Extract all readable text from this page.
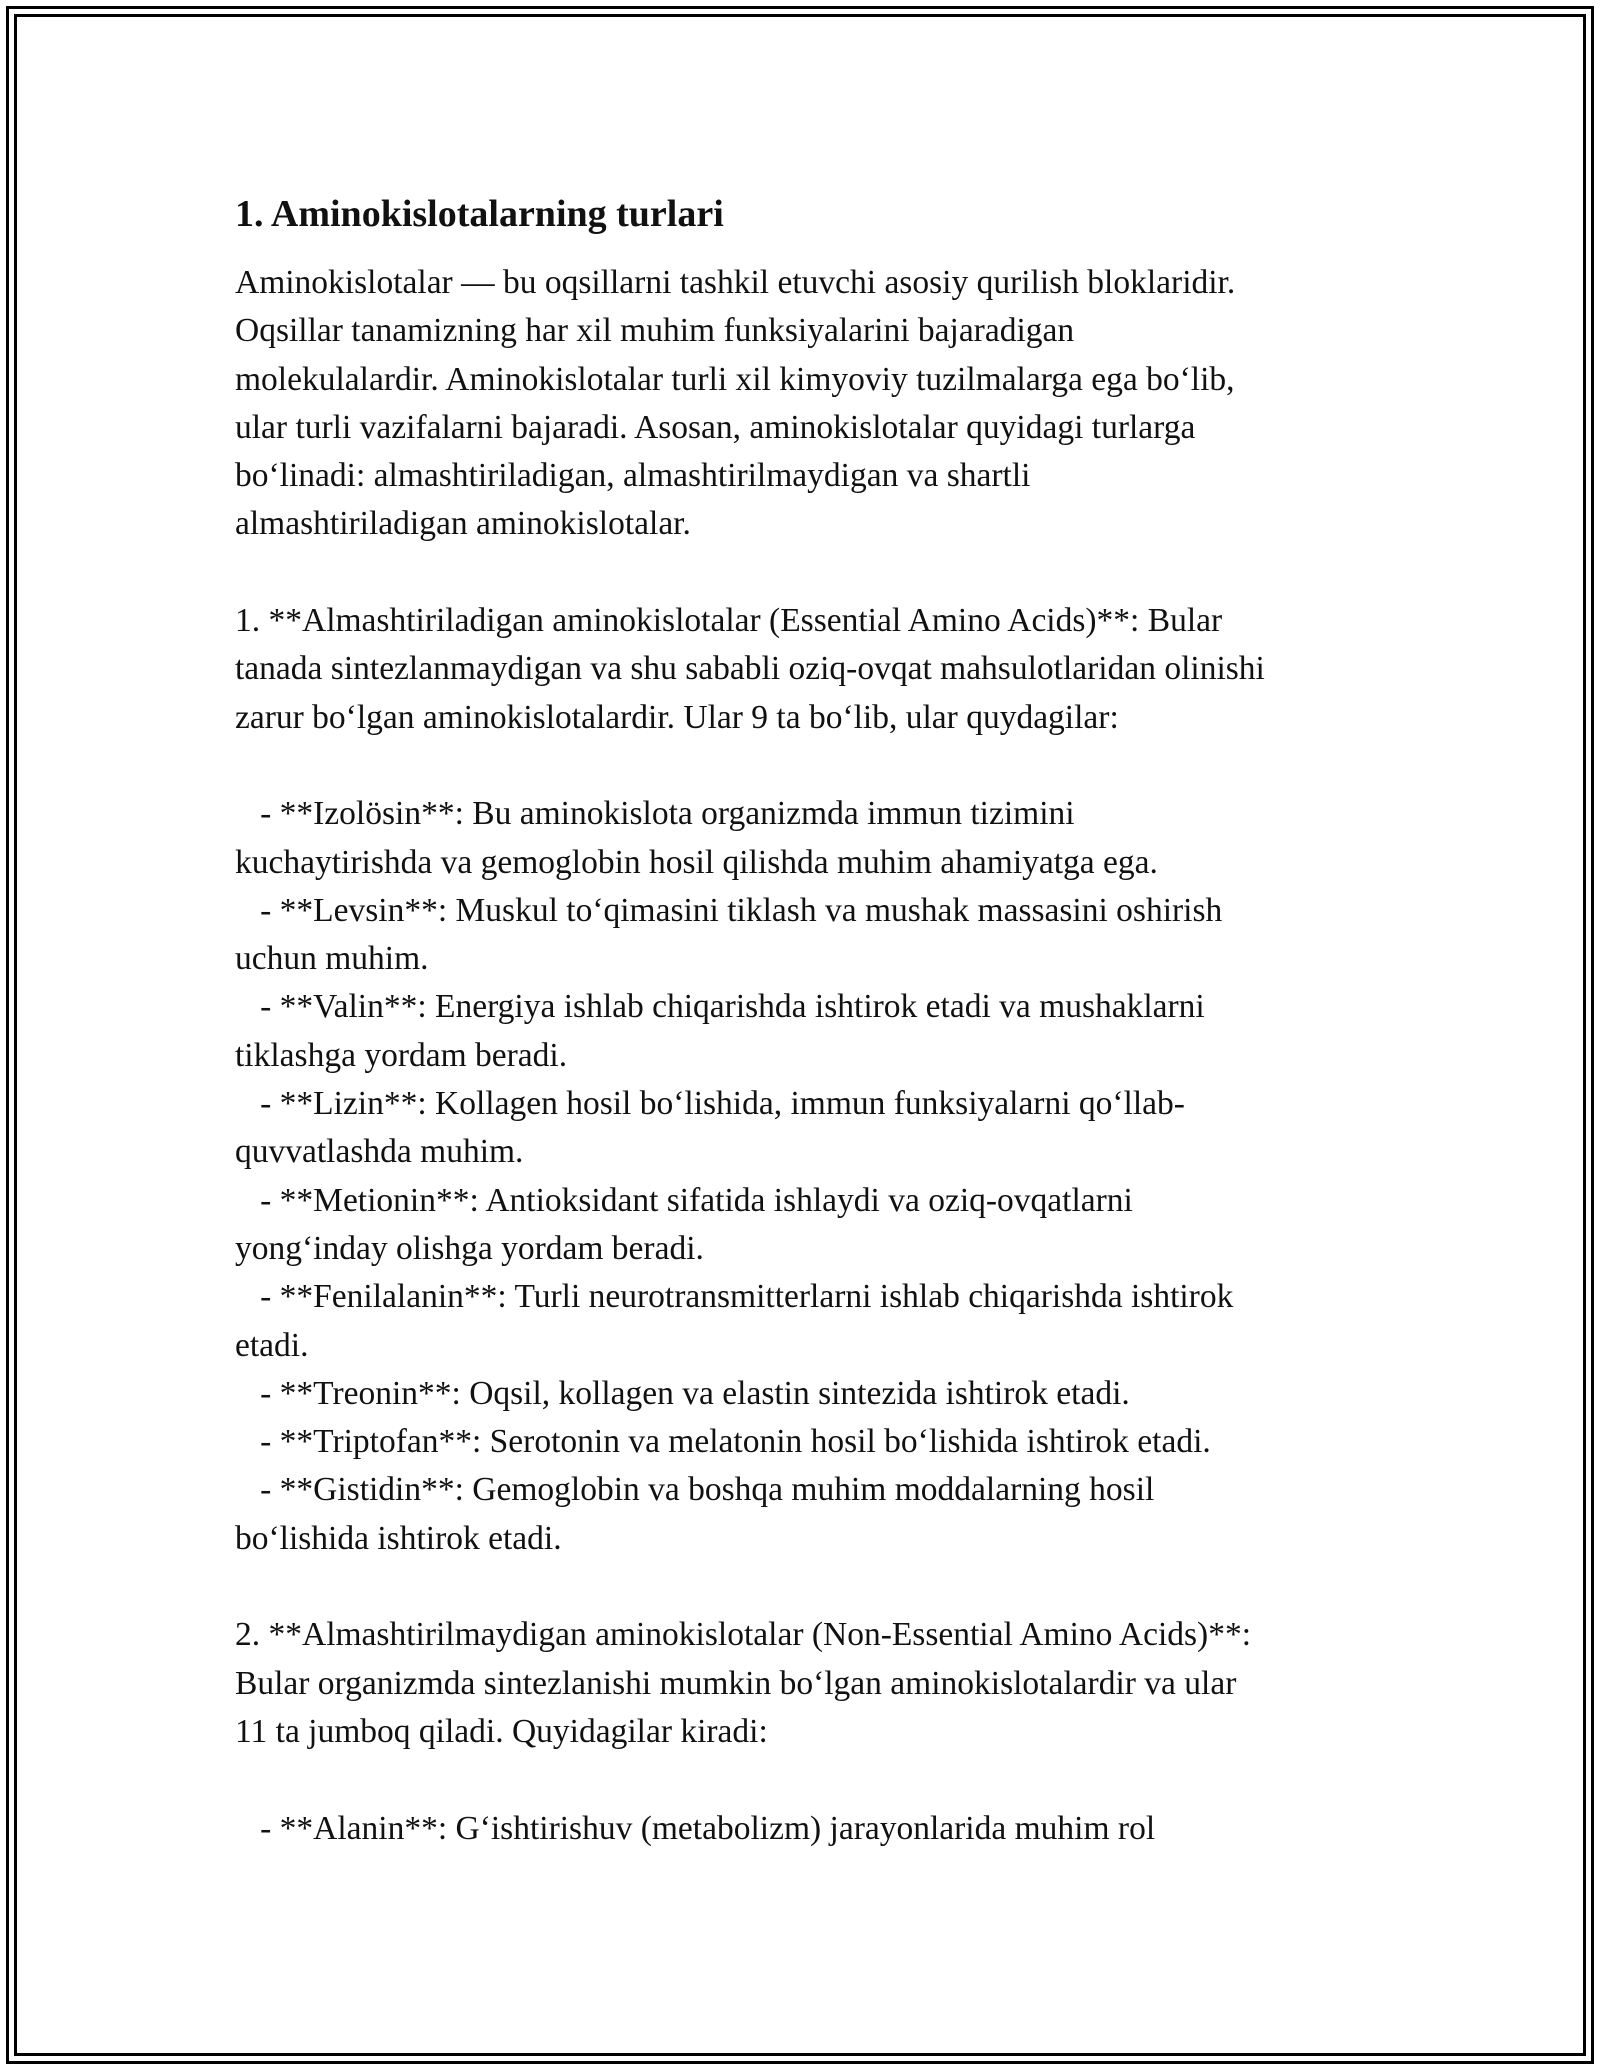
1. Aminokislotalarning turlari

Aminokislotalar — bu oqsillarni tashkil etuvchi asosiy qurilish bloklaridir.
Oqsillar tanamizning har xil muhim funksiyalarini bajaradigan
molekulalardir. Aminokislotalar turli xil kimyoviy tuzilmalarga ega bo‘lib,
ular turli vazifalarni bajaradi. Asosan, aminokislotalar quyidagi turlarga
bo‘linadi: almashtiriladigan, almashtirilmaydigan va shartli
almashtiriladigan aminokislotalar.

1. **Almashtiriladigan aminokislotalar (Essential Amino Acids)**: Bular
tanada sintezlanmaydigan va shu sababli oziq-ovqat mahsulotlaridan olinishi
zarur bo‘lgan aminokislotalardir. Ular 9 ta bo‘lib, ular quydagilar:

- **Izolösin**: Bu aminokislota organizmda immun tizimini
kuchaytirishda va gemoglobin hosil qilishda muhim ahamiyatga ega.

- **Levsin**: Muskul to‘qimasini tiklash va mushak massasini oshirish
uchun muhim.

- **Valin**: Energiya ishlab chiqarishda ishtirok etadi va mushaklarni
tiklashga yordam beradi.

- **Lizin**: Kollagen hosil bo‘lishida, immun funksiyalarni qo‘llab-
quvvatlashda muhim.

- **Metionin**: Antioksidant sifatida ishlaydi va oziq-ovqatlarni
yong‘inday olishga yordam beradi.

- **Fenilalanin**: Turli neurotransmitterlarni ishlab chiqarishda ishtirok
etadi.

- **Treonin**: Oqsil, kollagen va elastin sintezida ishtirok etadi.

- **Triptofan**: Serotonin va melatonin hosil bo‘lishida ishtirok etadi.

- **Gistidin**: Gemoglobin va boshqa muhim moddalarning hosil
bo‘lishida ishtirok etadi.

2. **Almashtirilmaydigan aminokislotalar (Non-Essential Amino Acids)**:
Bular organizmda sintezlanishi mumkin bo‘lgan aminokislotalardir va ular
11 ta jumboq qiladi. Quyidagilar kiradi:

- **Alanin**: G‘ishtirishuv (metabolizm) jarayonlarida muhim rol
